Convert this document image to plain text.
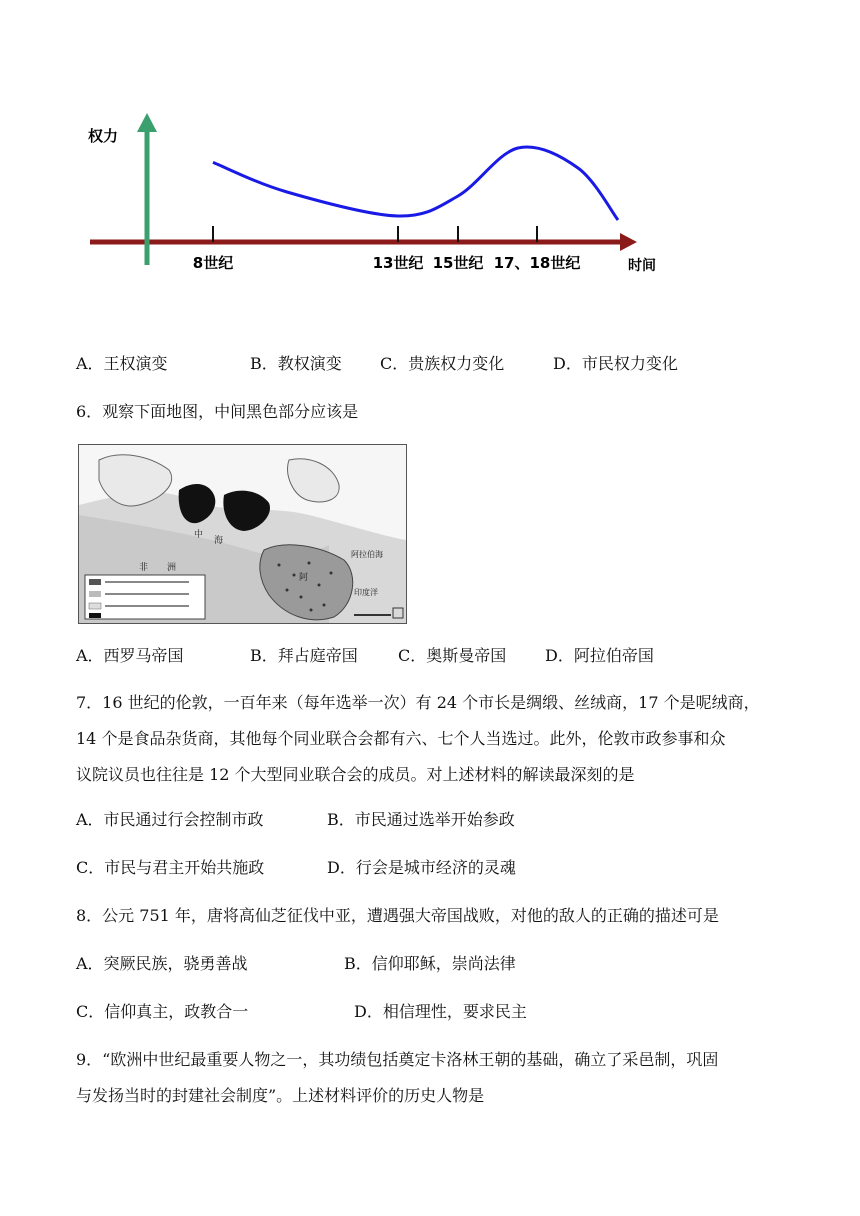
权力
时间
8世纪	13世纪 15世纪 17、18世纪
A．王权演变	B．教权演变 C．贵族权力变化	D．市民权力变化
6．观察下面地图，中间黑色部分应该是
非 洲
中
海
阿
印度洋
阿拉伯海
A．西罗马帝国	B．拜占庭帝国	C．奥斯曼帝国 D．阿拉伯帝国
7．16 世纪的伦敦，一百年来（每年选举一次）有 24 个市长是绸缎、丝绒商，17 个是呢绒商，
14 个是食品杂货商，其他每个同业联合会都有六、七个人当选过。此外，伦敦市政参事和众
议院议员也往往是 12 个大型同业联合会的成员。对上述材料的解读最深刻的是
A．市民通过行会控制市政	B．市民通过选举开始参政
C．市民与君主开始共施政	D．行会是城市经济的灵魂
8．公元 751 年，唐将高仙芝征伐中亚，遭遇强大帝国战败，对他的敌人的正确的描述可是
A．突厥民族，骁勇善战	B．信仰耶稣，崇尚法律
C．信仰真主，政教合一	D．相信理性，要求民主
9．“欧洲中世纪最重要人物之一，其功绩包括奠定卡洛林王朝的基础，确立了采邑制，巩固
与发扬当时的封建社会制度”。上述材料评价的历史人物是
